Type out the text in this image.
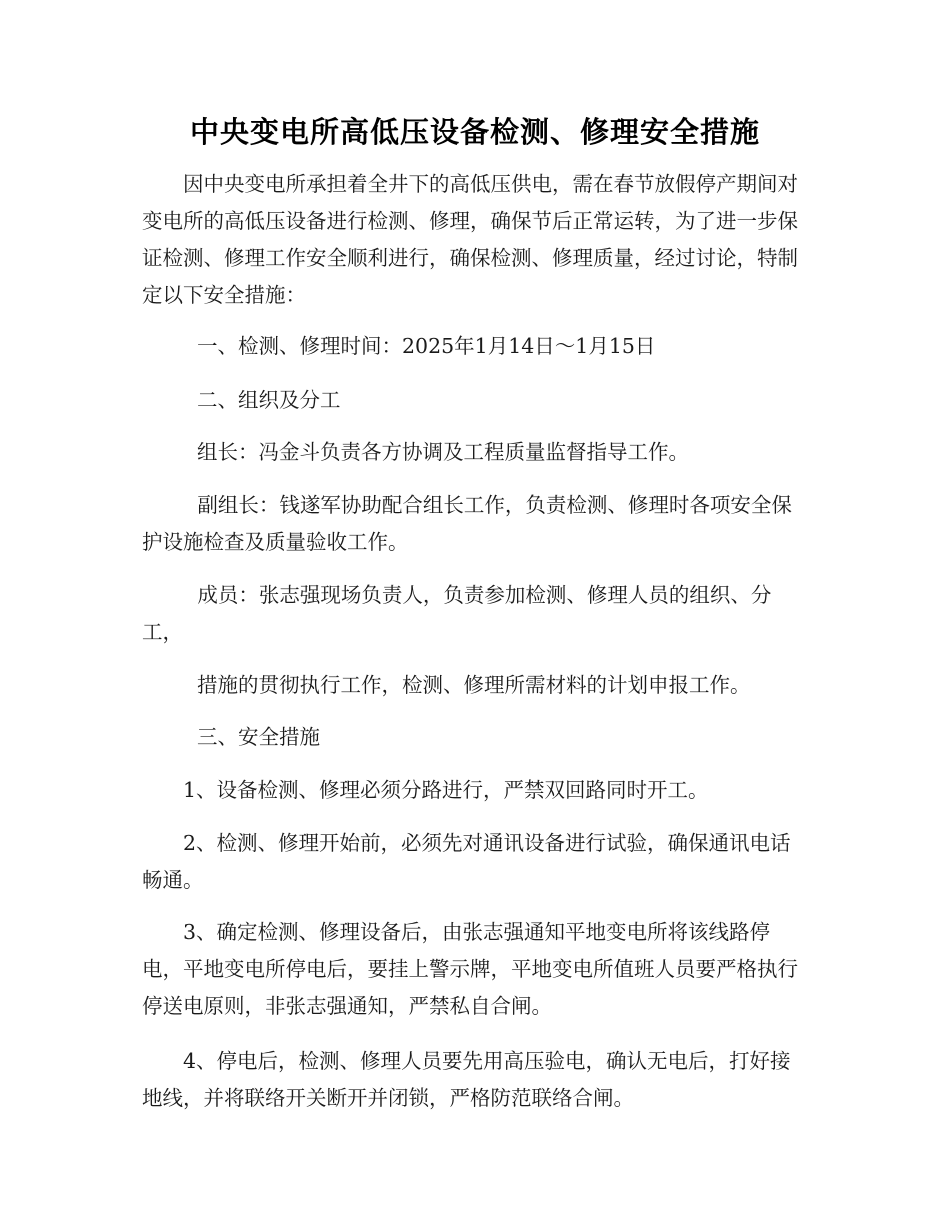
中央变电所高低压设备检测、修理安全措施

因中央变电所承担着全井下的高低压供电，需在春节放假停产期间对变电所的高低压设备进行检测、修理，确保节后正常运转，为了进一步保证检测、修理工作安全顺利进行，确保检测、修理质量，经过讨论，特制定以下安全措施：

一、检测、修理时间：2025年1月14日～1月15日

二、组织及分工

组长：冯金斗负责各方协调及工程质量监督指导工作。

副组长：钱遂军协助配合组长工作，负责检测、修理时各项安全保护设施检查及质量验收工作。

成员：张志强现场负责人，负责参加检测、修理人员的组织、分工，

措施的贯彻执行工作，检测、修理所需材料的计划申报工作。

三、安全措施

1、设备检测、修理必须分路进行，严禁双回路同时开工。

2、检测、修理开始前，必须先对通讯设备进行试验，确保通讯电话畅通。

3、确定检测、修理设备后，由张志强通知平地变电所将该线路停电，平地变电所停电后，要挂上警示牌，平地变电所值班人员要严格执行停送电原则，非张志强通知，严禁私自合闸。

4、停电后，检测、修理人员要先用高压验电，确认无电后，打好接地线，并将联络开关断开并闭锁，严格防范联络合闸。
